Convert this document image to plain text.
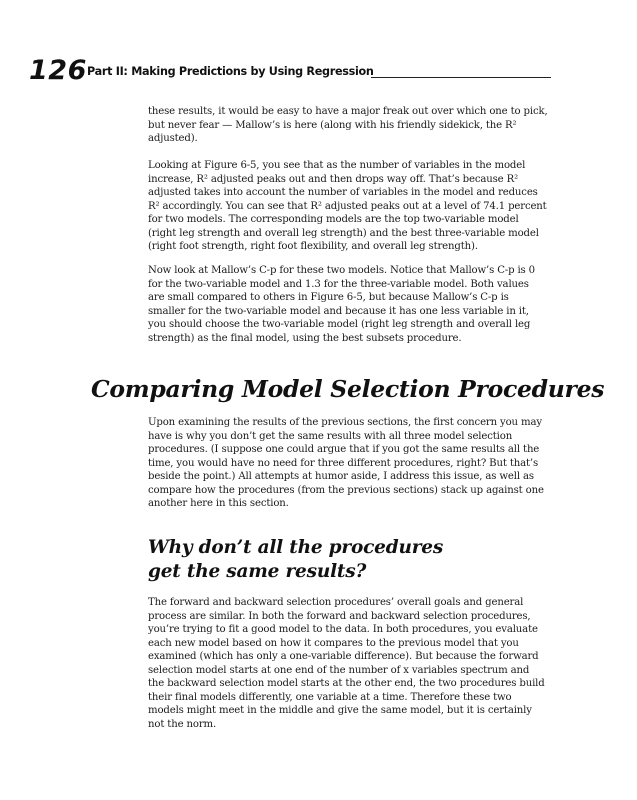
126 Part II: Making Predictions by Using Regression

these results, it would be easy to have a major freak out over which one to pick, but never fear — Mallow’s is here (along with his friendly sidekick, the R² adjusted).

Looking at Figure 6-5, you see that as the number of variables in the model increase, R² adjusted peaks out and then drops way off. That’s because R² adjusted takes into account the number of variables in the model and reduces R² accordingly. You can see that R² adjusted peaks out at a level of 74.1 percent for two models. The corresponding models are the top two-variable model (right leg strength and overall leg strength) and the best three-variable model (right foot strength, right foot flexibility, and overall leg strength).

Now look at Mallow’s C-p for these two models. Notice that Mallow’s C-p is 0 for the two-variable model and 1.3 for the three-variable model. Both values are small compared to others in Figure 6-5, but because Mallow’s C-p is smaller for the two-variable model and because it has one less variable in it, you should choose the two-variable model (right leg strength and overall leg strength) as the final model, using the best subsets procedure.

Comparing Model Selection Procedures

Upon examining the results of the previous sections, the first concern you may have is why you don’t get the same results with all three model selection procedures. (I suppose one could argue that if you got the same results all the time, you would have no need for three different procedures, right? But that’s beside the point.) All attempts at humor aside, I address this issue, as well as compare how the procedures (from the previous sections) stack up against one another here in this section.

Why don’t all the procedures
get the same results?

The forward and backward selection procedures’ overall goals and general process are similar. In both the forward and backward selection procedures, you’re trying to fit a good model to the data. In both procedures, you evaluate each new model based on how it compares to the previous model that you examined (which has only a one-variable difference). But because the forward selection model starts at one end of the number of x variables spectrum and the backward selection model starts at the other end, the two procedures build their final models differently, one variable at a time. Therefore these two models might meet in the middle and give the same model, but it is certainly not the norm.
